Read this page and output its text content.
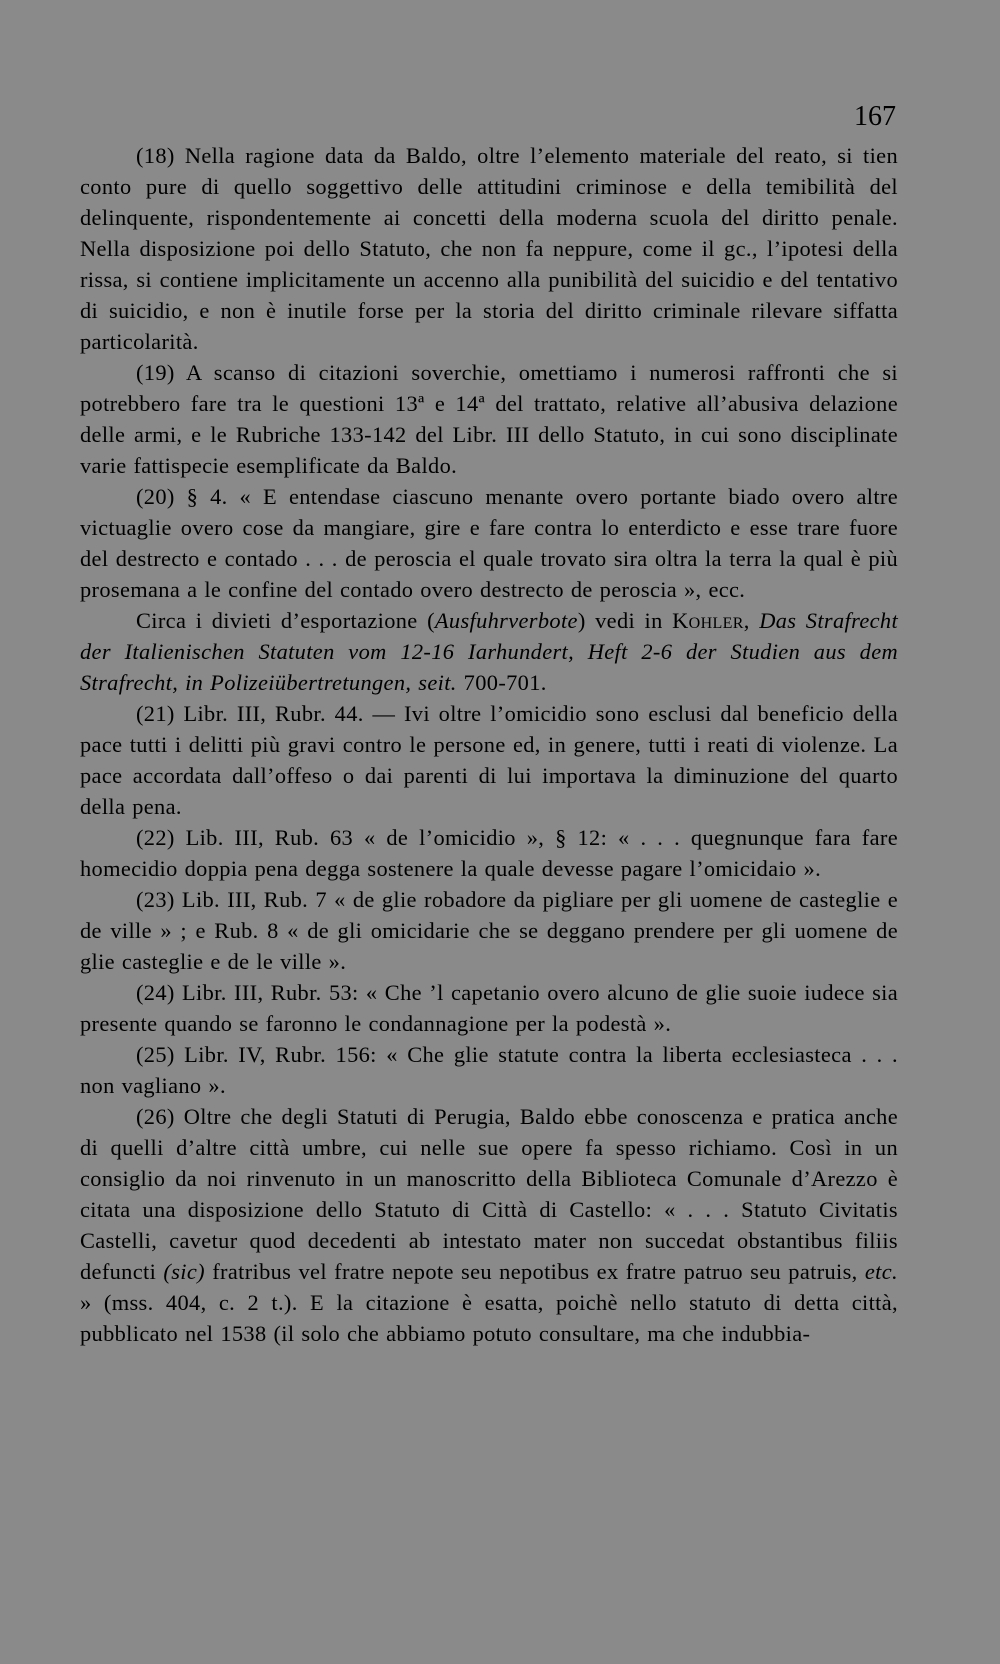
167

(18) Nella ragione data da Baldo, oltre l’elemento materiale del reato, si tien conto pure di quello soggettivo delle attitudini criminose e della temibilità del delinquente, rispondentemente ai concetti della moderna scuola del diritto penale. Nella disposizione poi dello Statuto, che non fa neppure, come il gc., l’ipotesi della rissa, si contiene implicitamente un accenno alla punibilità del suicidio e del tentativo di suicidio, e non è inutile forse per la storia del diritto criminale rilevare siffatta particolarità.

(19) A scanso di citazioni soverchie, omettiamo i numerosi raffronti che si potrebbero fare tra le questioni 13ª e 14ª del trattato, relative all’abusiva delazione delle armi, e le Rubriche 133-142 del Libr. III dello Statuto, in cui sono disciplinate varie fattispecie esemplificate da Baldo.

(20) § 4. « E entendase ciascuno menante overo portante biado overo altre victuaglie overo cose da mangiare, gire e fare contra lo enterdicto e esse trare fuore del destrecto e contado . . . de peroscia el quale trovato sira oltra la terra la qual è più prosemana a le confine del contado overo destrecto de peroscia », ecc.

Circa i divieti d’esportazione (Ausfuhrverbote) vedi in Kohler, Das Strafrecht der Italienischen Statuten vom 12-16 Iarhundert, Heft 2-6 der Studien aus dem Strafrecht, in Polizeiübertretungen, seit. 700-701.

(21) Libr. III, Rubr. 44. — Ivi oltre l’omicidio sono esclusi dal beneficio della pace tutti i delitti più gravi contro le persone ed, in genere, tutti i reati di violenze. La pace accordata dall’offeso o dai parenti di lui importava la diminuzione del quarto della pena.

(22) Lib. III, Rub. 63 « de l’omicidio », § 12: « . . . quegnunque fara fare homecidio doppia pena degga sostenere la quale devesse pagare l’omicidaio ».

(23) Lib. III, Rub. 7 « de glie robadore da pigliare per gli uomene de casteglie e de ville » ; e Rub. 8 « de gli omicidarie che se deggano prendere per gli uomene de glie casteglie e de le ville ».

(24) Libr. III, Rubr. 53: « Che ’l capetanio overo alcuno de glie suoie iudece sia presente quando se faronno le condannagione per la podestà ».

(25) Libr. IV, Rubr. 156: « Che glie statute contra la liberta ecclesiasteca . . . non vagliano ».

(26) Oltre che degli Statuti di Perugia, Baldo ebbe conoscenza e pratica anche di quelli d’altre città umbre, cui nelle sue opere fa spesso richiamo. Così in un consiglio da noi rinvenuto in un manoscritto della Biblioteca Comunale d’Arezzo è citata una disposizione dello Statuto di Città di Castello: « . . . Statuto Civitatis Castelli, cavetur quod decedenti ab intestato mater non succedat obstantibus filiis defuncti (sic) fratribus vel fratre nepote seu nepotibus ex fratre patruo seu patruis, etc. » (mss. 404, c. 2 t.). E la citazione è esatta, poichè nello statuto di detta città, pubblicato nel 1538 (il solo che abbiamo potuto consultare, ma che indubbia-
